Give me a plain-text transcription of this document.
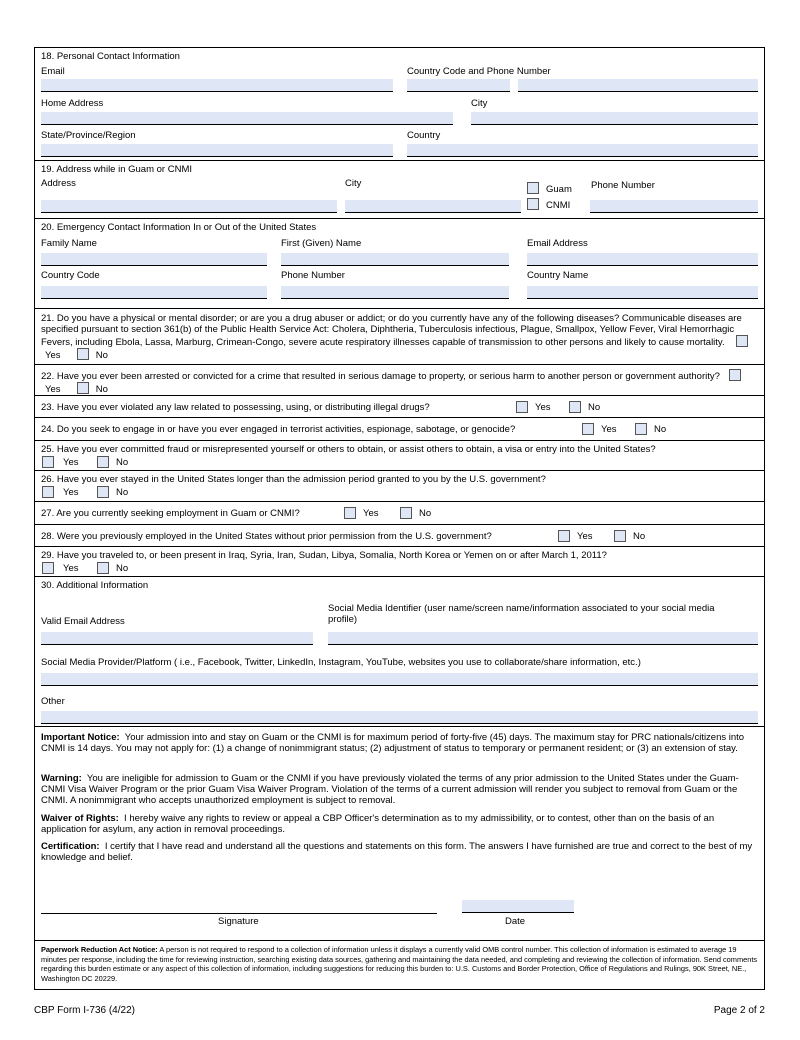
18. Personal Contact Information
Email	Country Code and Phone Number
Home Address	City
State/Province/Region	Country
19. Address while in Guam or CNMI
Address	City
Guam
CNMI
Phone Number
20. Emergency Contact Information In or Out of the United States
Family Name	First (Given) Name	Email Address
Country Code	Phone Number	Country Name
21. Do you have a physical or mental disorder; or are you a drug abuser or addict; or do you currently have any of the following diseases? Communicable diseases are specified pursuant to section 361(b) of the Public Health Service Act: Cholera, Diphtheria, Tuberculosis infectious, Plague, Smallpox, Yellow Fever, Viral Hemorrhagic Fevers, including Ebola, Lassa, Marburg, Crimean-Congo, severe acute respiratory illnesses capable of transmission to other persons and likely to cause mortality.   Yes	No
22. Have you ever been arrested or convicted for a crime that resulted in serious damage to property, or serious harm to another person or government authority?  Yes	No
23. Have you ever violated any law related to possessing, using, or distributing illegal drugs?	Yes	No
24. Do you seek to engage in or have you ever engaged in terrorist activities, espionage, sabotage, or genocide?	Yes	No
25. Have you ever committed fraud or misrepresented yourself or others to obtain, or assist others to obtain, a visa or entry into the United States?
Yes	No
26. Have you ever stayed in the United States longer than the admission period granted to you by the U.S. government?
Yes	No
27. Are you currently seeking employment in Guam or CNMI?	Yes	No
28. Were you previously employed in the United States without prior permission from the U.S. government?	Yes	No
29. Have you traveled to, or been present in Iraq, Syria, Iran, Sudan, Libya, Somalia, North Korea or Yemen on or after March 1, 2011?
Yes	No
30. Additional Information
Valid Email Address
Social Media Identifier (user name/screen name/information associated to your social media profile)
Social Media Provider/Platform ( i.e., Facebook, Twitter, LinkedIn, Instagram, YouTube, websites you use to collaborate/share information, etc.)
Other
Important Notice: Your admission into and stay on Guam or the CNMI is for maximum period of forty-five (45) days. The maximum stay for PRC nationals/citizens into CNMI is 14 days. You may not apply for: (1) a change of nonimmigrant status; (2) adjustment of status to temporary or permanent resident; or (3) an extension of stay.
Warning: You are ineligible for admission to Guam or the CNMI if you have previously violated the terms of any prior admission to the United States under the Guam-CNMI Visa Waiver Program or the prior Guam Visa Waiver Program. Violation of the terms of a current admission will render you subject to removal from Guam or the CNMI. A nonimmigrant who accepts unauthorized employment is subject to removal.
Waiver of Rights: I hereby waive any rights to review or appeal a CBP Officer's determination as to my admissibility, or to contest, other than on the basis of an application for asylum, any action in removal proceedings.
Certification: I certify that I have read and understand all the questions and statements on this form. The answers I have furnished are true and correct to the best of my knowledge and belief.
Signature	Date
Paperwork Reduction Act Notice: A person is not required to respond to a collection of information unless it displays a currently valid OMB control number. This collection of information is estimated to average 19 minutes per response, including the time for reviewing instruction, searching existing data sources, gathering and maintaining the data needed, and completing and reviewing the collection of information. Send comments regarding this burden estimate or any aspect of this collection of information, including suggestions for reducing this burden to: U.S. Customs and Border Protection, Office of Regulations and Rulings, 90K Street, NE., Washington DC 20229.
CBP Form I-736 (4/22)	Page 2 of 2
